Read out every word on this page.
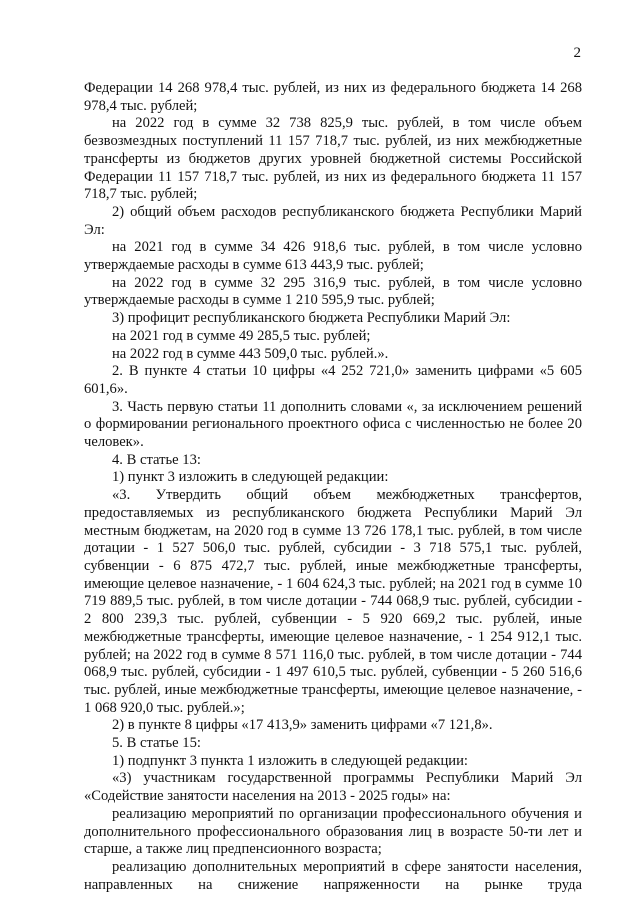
2

Федерации 14 268 978,4 тыс. рублей, из них из федерального бюджета 14 268 978,4 тыс. рублей;

на 2022 год в сумме 32 738 825,9 тыс. рублей, в том числе объем безвозмездных поступлений 11 157 718,7 тыс. рублей, из них межбюджетные трансферты из бюджетов других уровней бюджетной системы Российской Федерации 11 157 718,7 тыс. рублей, из них из федерального бюджета 11 157 718,7 тыс. рублей;

2) общий объем расходов республиканского бюджета Республики Марий Эл:

на 2021 год в сумме 34 426 918,6 тыс. рублей, в том числе условно утверждаемые расходы в сумме 613 443,9 тыс. рублей;

на 2022 год в сумме 32 295 316,9 тыс. рублей, в том числе условно утверждаемые расходы в сумме 1 210 595,9 тыс. рублей;

3) профицит республиканского бюджета Республики Марий Эл:

на 2021 год в сумме 49 285,5 тыс. рублей;

на 2022 год в сумме 443 509,0 тыс. рублей.».

2. В пункте 4 статьи 10 цифры «4 252 721,0» заменить цифрами «5 605 601,6».

3. Часть первую статьи 11 дополнить словами «, за исключением решений о формировании регионального проектного офиса с численностью не более 20 человек».

4. В статье 13:

1) пункт 3 изложить в следующей редакции:

«3. Утвердить общий объем межбюджетных трансфертов, предоставляемых из республиканского бюджета Республики Марий Эл местным бюджетам, на 2020 год в сумме 13 726 178,1 тыс. рублей, в том числе дотации - 1 527 506,0 тыс. рублей, субсидии - 3 718 575,1 тыс. рублей, субвенции - 6 875 472,7 тыс. рублей, иные межбюджетные трансферты, имеющие целевое назначение, - 1 604 624,3 тыс. рублей; на 2021 год в сумме 10 719 889,5 тыс. рублей, в том числе дотации - 744 068,9 тыс. рублей, субсидии - 2 800 239,3 тыс. рублей, субвенции - 5 920 669,2 тыс. рублей, иные межбюджетные трансферты, имеющие целевое назначение, - 1 254 912,1 тыс. рублей; на 2022 год в сумме 8 571 116,0 тыс. рублей, в том числе дотации - 744 068,9 тыс. рублей, субсидии - 1 497 610,5 тыс. рублей, субвенции - 5 260 516,6 тыс. рублей, иные межбюджетные трансферты, имеющие целевое назначение, - 1 068 920,0 тыс. рублей.»;

2) в пункте 8 цифры «17 413,9» заменить цифрами «7 121,8».

5. В статье 15:

1) подпункт 3 пункта 1 изложить в следующей редакции:

«3) участникам государственной программы Республики Марий Эл «Содействие занятости населения на 2013 - 2025 годы» на:

реализацию мероприятий по организации профессионального обучения и дополнительного профессионального образования лиц в возрасте 50-ти лет и старше, а также лиц предпенсионного возраста;

реализацию дополнительных мероприятий в сфере занятости населения, направленных на снижение напряженности на рынке труда
